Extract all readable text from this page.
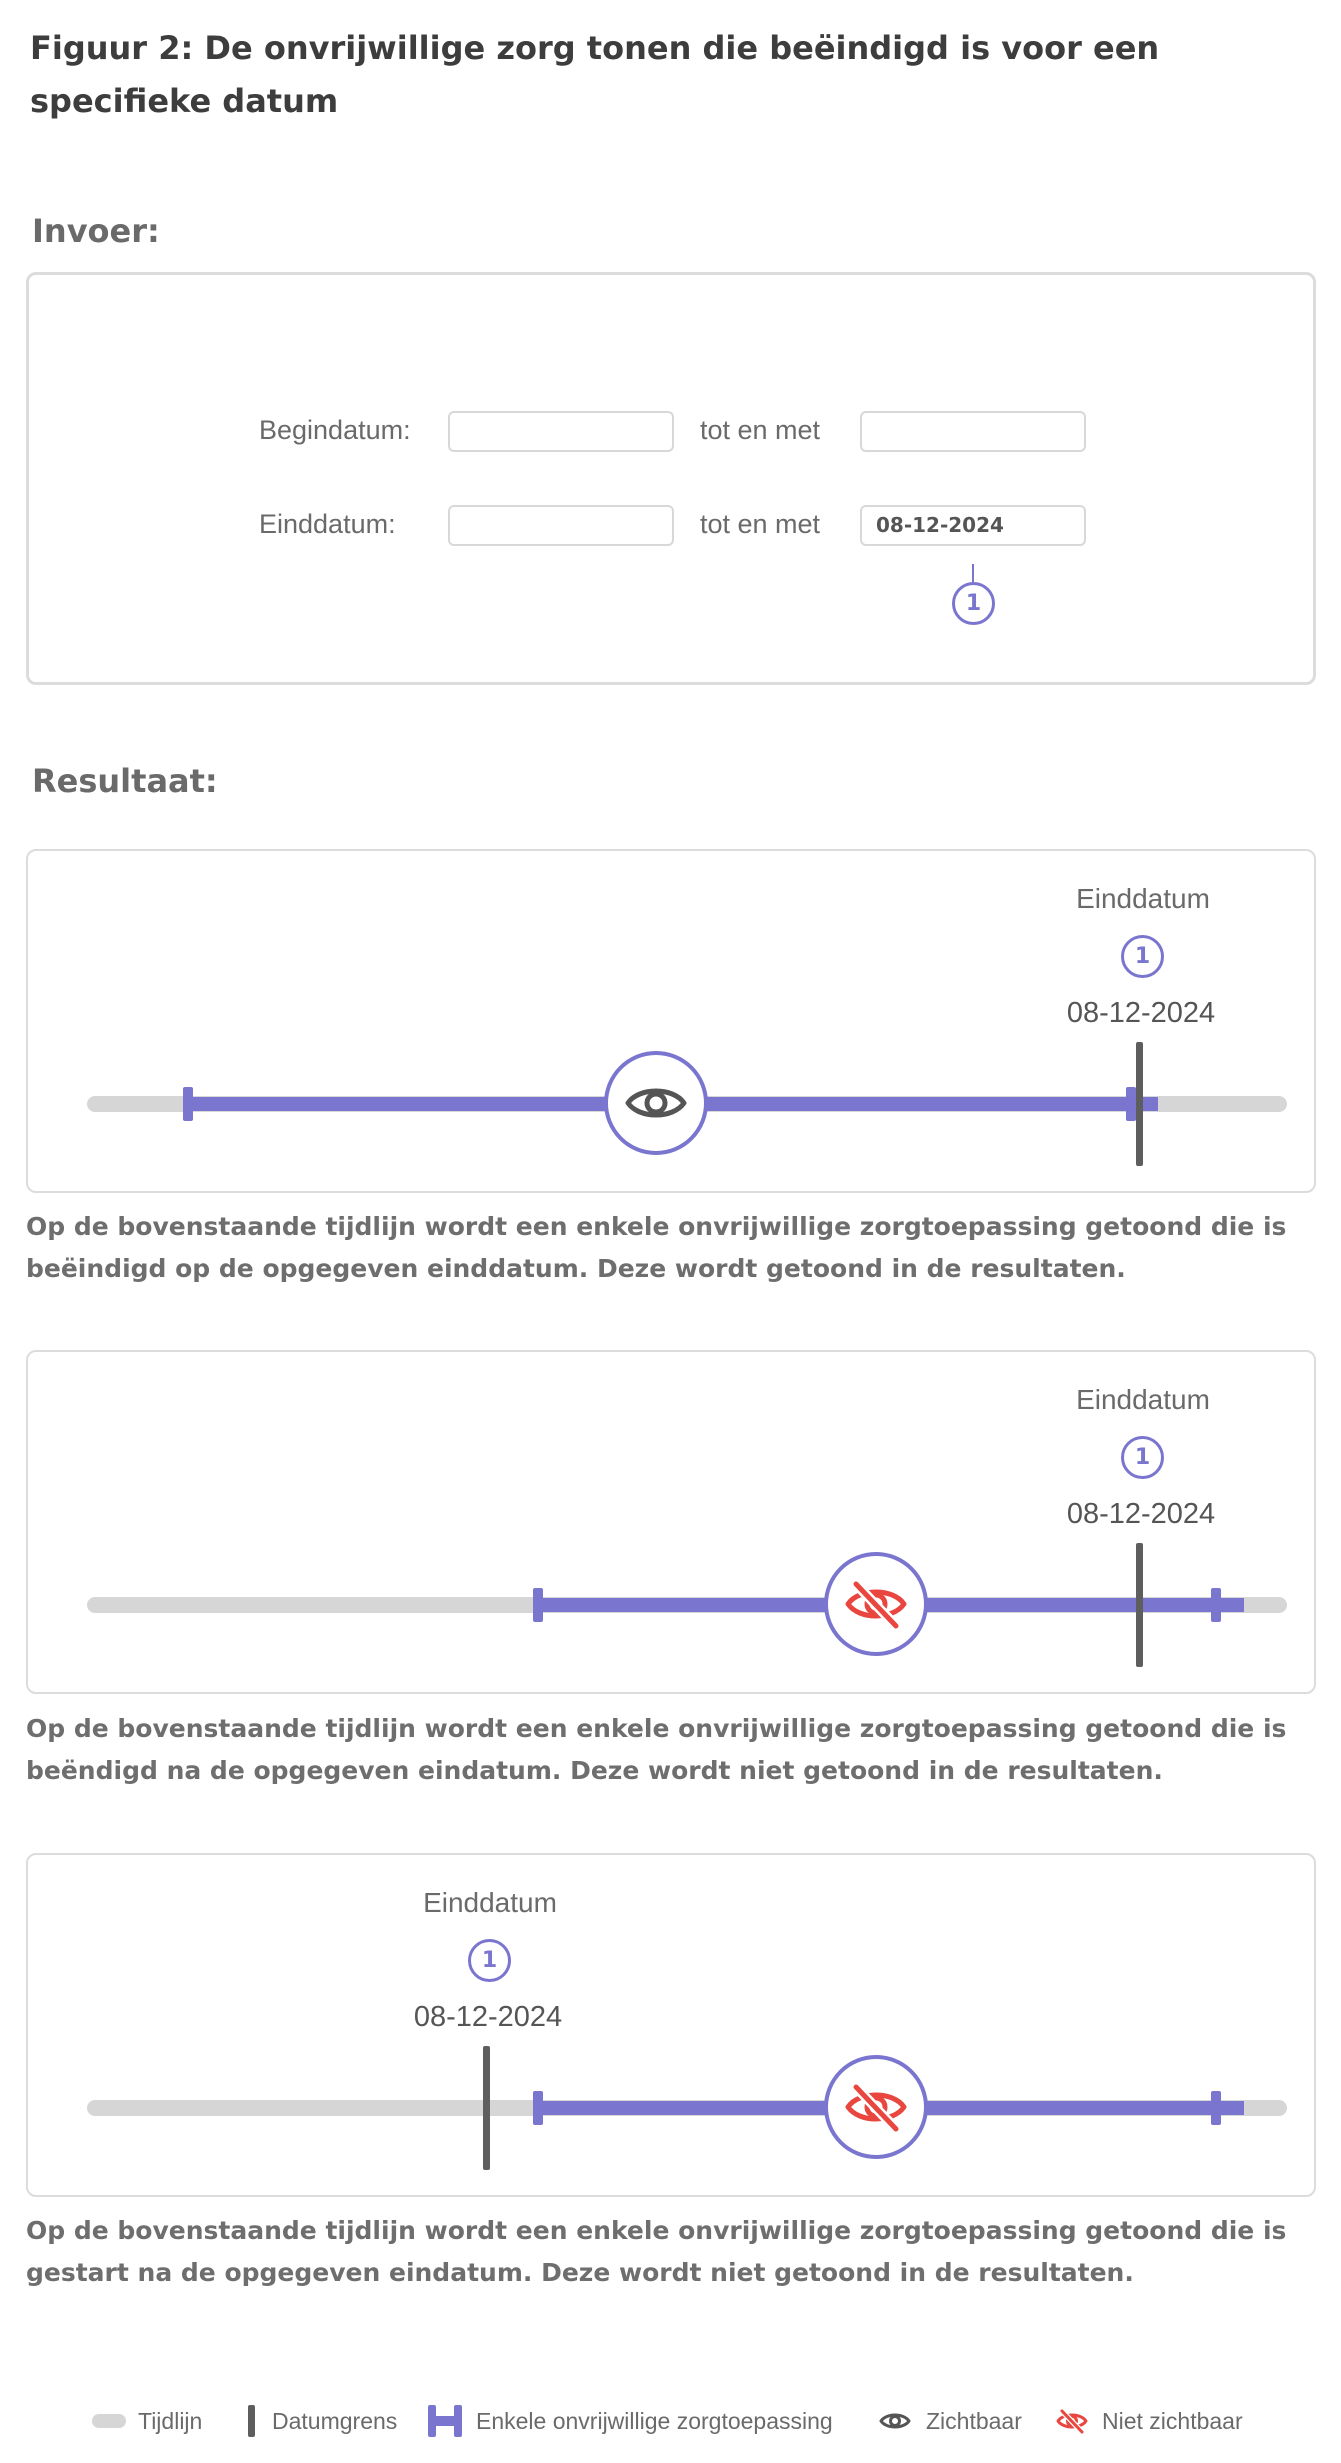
Figuur 2: De onvrijwillige zorg tonen die beëindigd is voor een specifieke datum
Invoer:
Begindatum:	tot en met
Einddatum:	tot en met	08-12-2024
1
Resultaat:
Einddatum
1
08-12-2024
Op de bovenstaande tijdlijn wordt een enkele onvrijwillige zorgtoepassing getoond die is beëindigd op de opgegeven einddatum. Deze wordt getoond in de resultaten.
Einddatum
1
08-12-2024
Op de bovenstaande tijdlijn wordt een enkele onvrijwillige zorgtoepassing getoond die is beëndigd na de opgegeven eindatum. Deze wordt niet getoond in de resultaten.
Einddatum
1
08-12-2024
Op de bovenstaande tijdlijn wordt een enkele onvrijwillige zorgtoepassing getoond die is gestart na de opgegeven eindatum. Deze wordt niet getoond in de resultaten.
Tijdlijn	Datumgrens	Enkele onvrijwillige zorgtoepassing	Zichtbaar	Niet zichtbaar
